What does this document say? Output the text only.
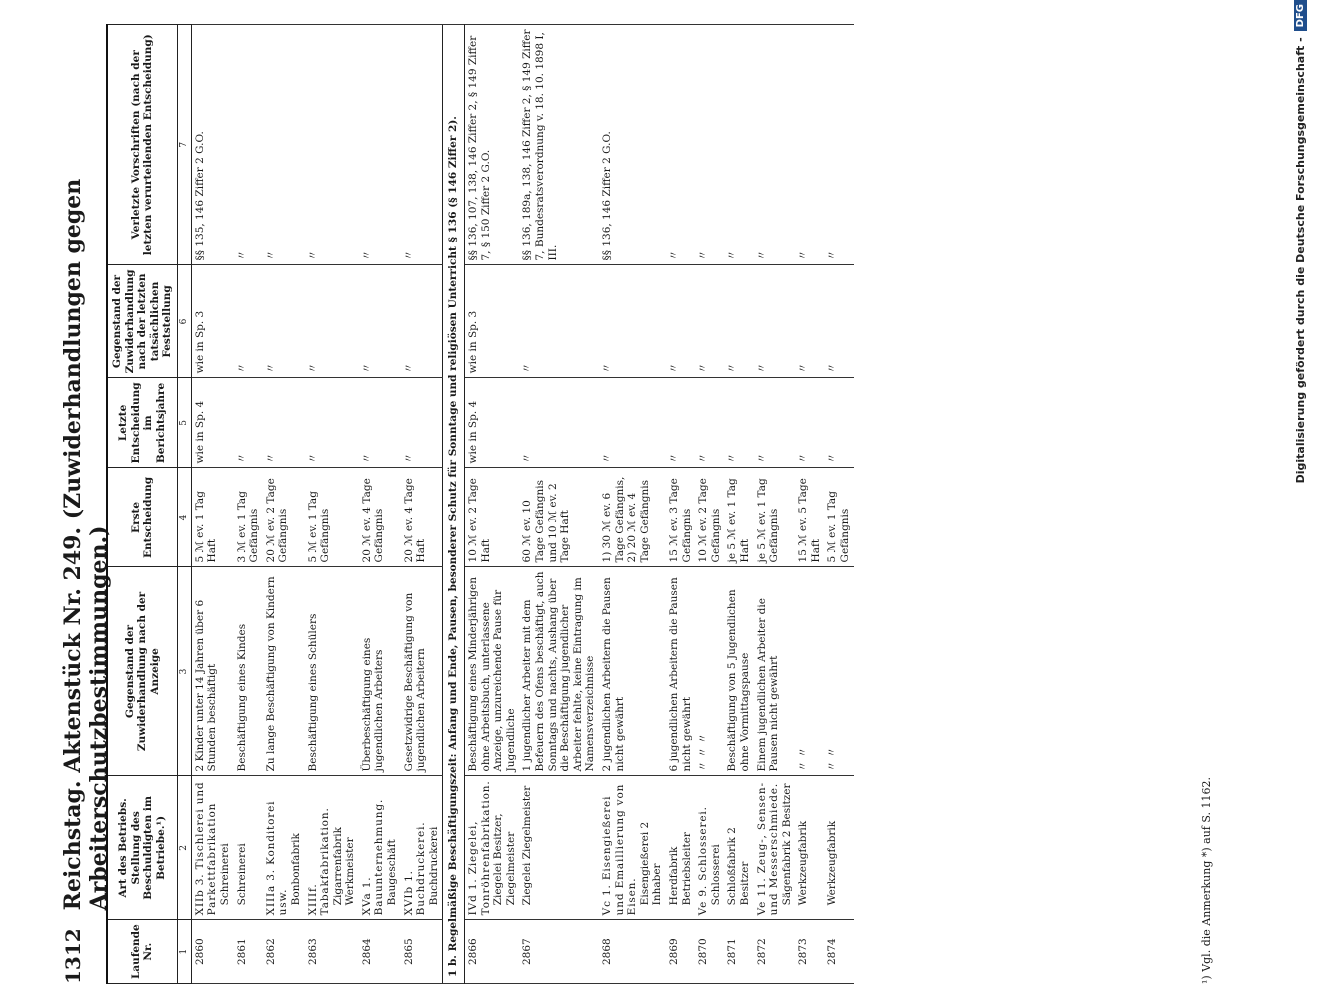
1312
Reichstag. Aktenstück Nr. 249. (Zuwiderhandlungen gegen Arbeiterschutzbestimmungen.)
Laufende Nr.	Art des Betriebs. Stellung des Beschuldigten im Betriebe.¹)	Gegenstand der Zuwiderhandlung nach der Anzeige	Erste Entscheidung	Letzte Entscheidung im Berichtsjahre	Gegenstand der Zuwiderhandlung nach der letzten tatsächlichen Feststellung	Verletzte Vorschriften (nach der letzten verurteilenden Entscheidung)
1	2	3	4	5	6	7
2860	XIIb 3. Tischlerei und Parkettfabrikation Schreinerei	2 Kinder unter 14 Jahren über 6 Stunden beschäftigt	5 ℳ ev. 1 Tag Haft	wie in Sp. 4	wie in Sp. 3	§§ 135, 146 Ziffer 2 G.O.
2861	Schreinerei	Beschäftigung eines Kindes	3 ℳ ev. 1 Tag Gefängnis	〃	〃	〃
2862	XIIIa 3. Konditorei usw. Bonbonfabrik	Zu lange Beschäftigung von Kindern	20 ℳ ev. 2 Tage Gefängnis	〃	〃	〃
2863	XIIIf. Tabakfabrikation. Zigarrenfabrik Werkmeister	Beschäftigung eines Schülers	5 ℳ ev. 1 Tag Gefängnis	〃	〃	〃
2864	XVa 1. Bauunternehmung. Baugeschäft	Überbeschäftigung eines jugendlichen Arbeiters	20 ℳ ev. 4 Tage Gefängnis	〃	〃	〃
2865	XVIb 1. Buchdruckerei. Buchdruckerei	Gesetzwidrige Beschäftigung von jugendlichen Arbeitern	20 ℳ ev. 4 Tage Haft	〃	〃	〃
1 b. Regelmäßige Beschäftigungszeit: Anfang und Ende, Pausen, besonderer Schutz für Sonntage und religiösen Unterricht § 136 (§ 146 Ziffer 2).						
2866	IVd 1. Ziegelei, Tonröhrenfabrikation. Ziegelei Besitzer, Ziegelmeister	Beschäftigung eines Minderjährigen ohne Arbeitsbuch, unterlassene Anzeige, unzureichende Pause für Jugendliche	10 ℳ ev. 2 Tage Haft	wie in Sp. 4	wie in Sp. 3	§§ 136, 107, 138, 146 Ziffer 2, § 149 Ziffer 7, § 150 Ziffer 2 G.O.
2867	Ziegelei Ziegelmeister	1 jugendlicher Arbeiter mit dem Befeuern des Ofens beschäftigt, auch Sonntags und nachts, Aushang über die Beschäftigung jugendlicher Arbeiter fehlte, keine Eintragung im Namensverzeichnisse	60 ℳ ev. 10 Tage Gefängnis und 10 ℳ ev. 2 Tage Haft	〃	〃	§§ 136, 189a, 138, 146 Ziffer 2, § 149 Ziffer 7, Bundesratsverordnung v. 18. 10. 1898 I, III.
2868	Vc 1. Eisengießerei und Emaillierung von Eisen. Eisengießerei 2 Inhaber	2 jugendlichen Arbeitern die Pausen nicht gewährt	1) 30 ℳ ev. 6 Tage Gefängnis, 2) 20 ℳ ev. 4 Tage Gefängnis	〃	〃	§§ 136, 146 Ziffer 2 G.O.
2869	Herdfabrik Betriebsleiter	6 jugendlichen Arbeitern die Pausen nicht gewährt	15 ℳ ev. 3 Tage Gefängnis	〃	〃	〃
2870	Ve 9. Schlosserei. Schlosserei	〃 〃 〃	10 ℳ ev. 2 Tage Gefängnis	〃	〃	〃
2871	Schloßfabrik 2 Besitzer	Beschäftigung von 5 Jugendlichen ohne Vormittagspause	je 5 ℳ ev. 1 Tag Haft	〃	〃	〃
2872	Ve 11. Zeug-, Sensen- und Messerschmiede. Sägenfabrik 2 Besitzer	Einem jugendlichen Arbeiter die Pausen nicht gewährt	je 5 ℳ ev. 1 Tag Gefängnis	〃	〃	〃
2873	Werkzeugfabrik	〃 〃	15 ℳ ev. 5 Tage Haft	〃	〃	〃
2874	Werkzeugfabrik	〃 〃	5 ℳ ev. 1 Tag Gefängnis	〃	〃	〃
¹) Vgl. die Anmerkung *) auf S. 1162.
Digitalisierung gefördert durch die Deutsche Forschungsgemeinschaft -
DFG
